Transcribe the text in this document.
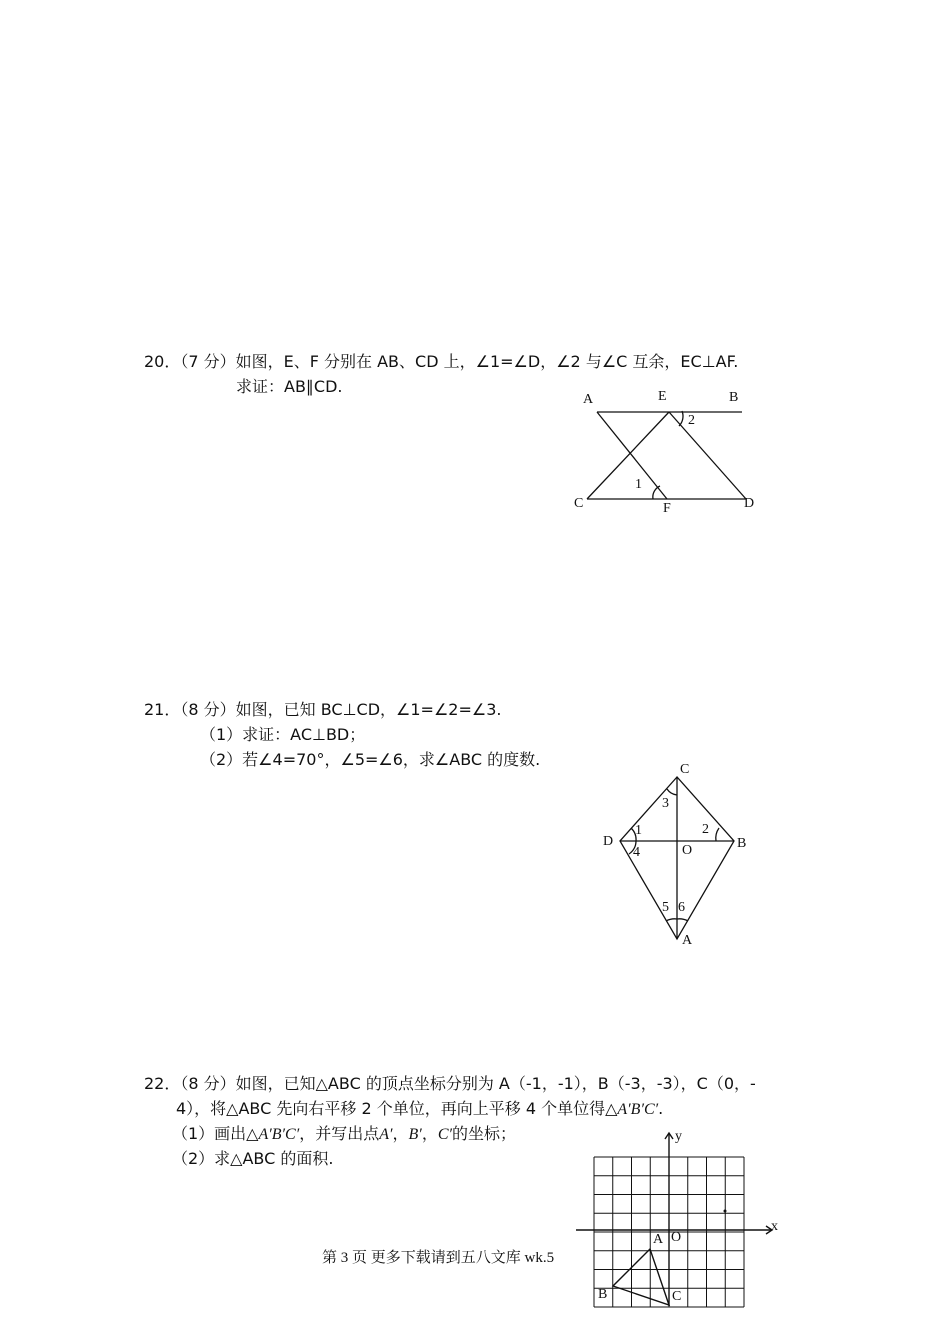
20．（7 分）如图，E、F 分别在 AB、CD 上，∠1=∠D，∠2 与∠C 互余，EC⊥AF.
求证：AB∥CD.
A	E	B
C	F	D
1
2
21．（8 分）如图，已知 BC⊥CD，∠1=∠2=∠3.
（1）求证：AC⊥BD；
（2）若∠4=70°，∠5=∠6，求∠ABC 的度数.
C
D	B
O
A
1	2
3
4
5 6
22．（8 分）如图，已知△ABC 的顶点坐标分别为 A（-1，-1），B（-3，-3），C（0，-
4），将△ABC 先向右平移 2 个单位，再向上平移 4 个单位得△A′B′C′.
（1）画出△A′B′C′，并写出点A′，B′，C′的坐标；
（2）求△ABC 的面积.
y
x
A O
B	C
第 3 页 更多下载请到五八文库 wk.5
